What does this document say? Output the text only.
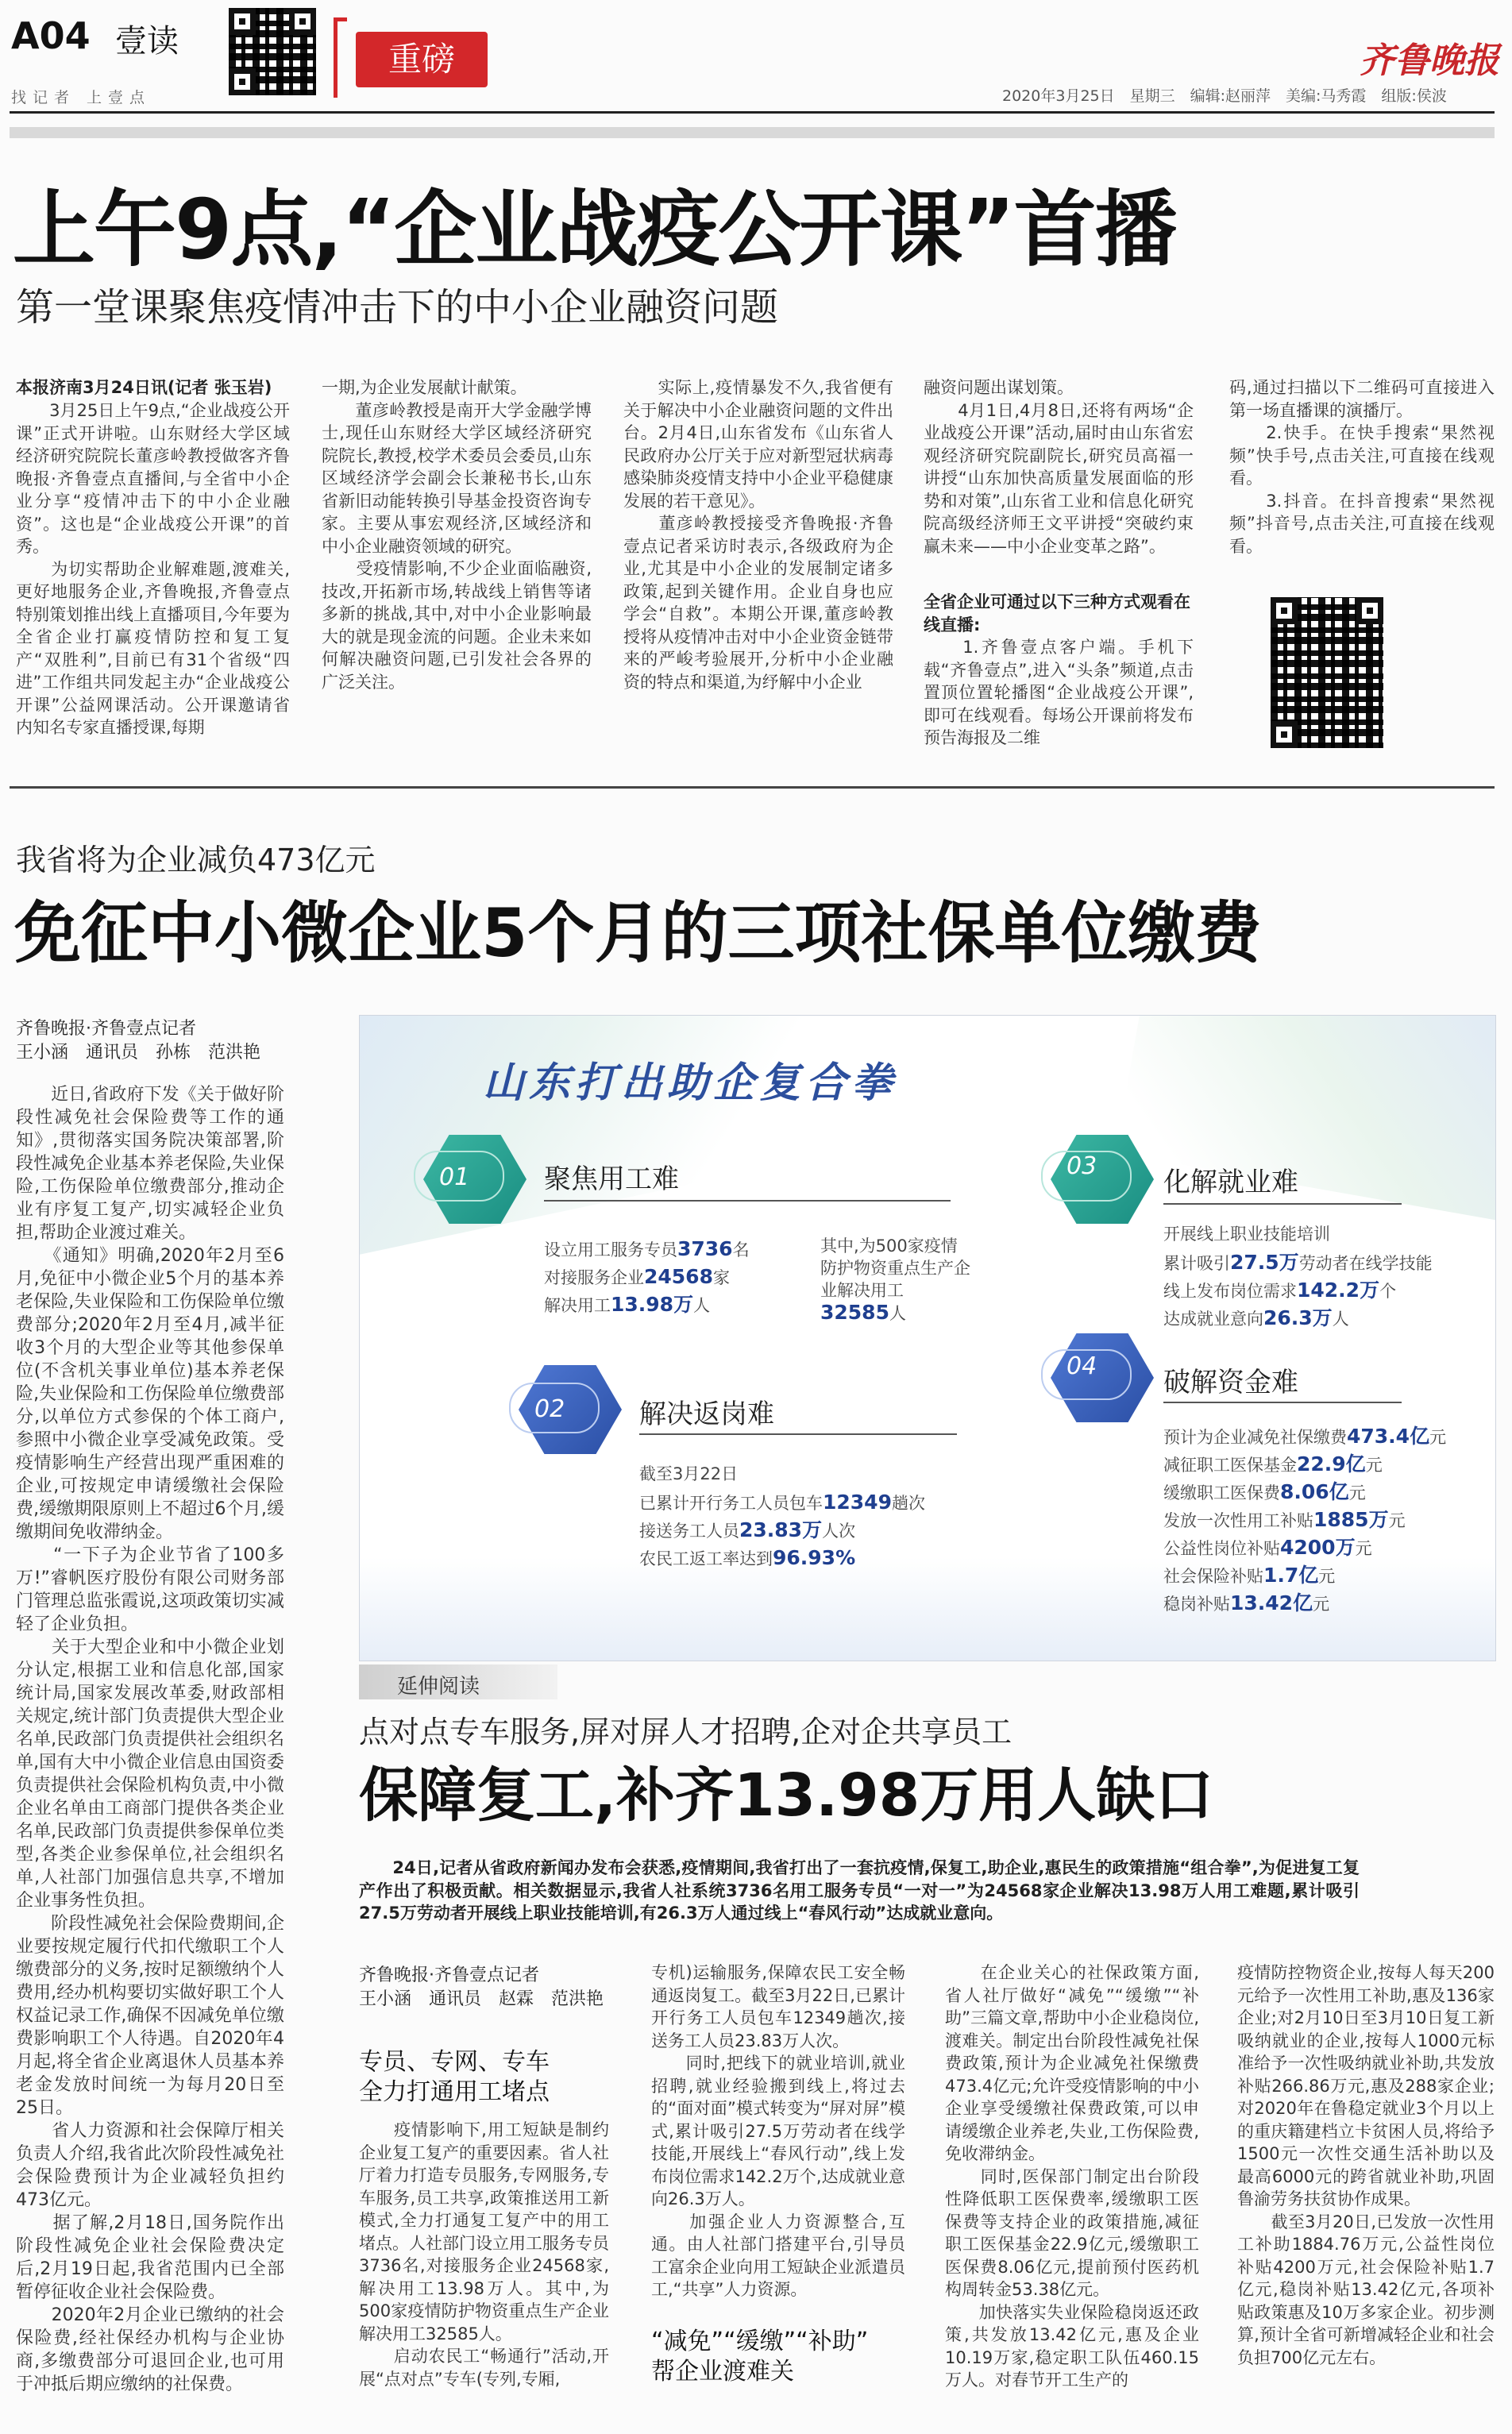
A04 壹读
找记者 上壹点
重磅	齐鲁晚报
2020年3月25日　星期三　编辑:赵丽萍　美编:马秀霞　组版:侯波
上午9点,“企业战疫公开课”首播
第一堂课聚焦疫情冲击下的中小企业融资问题
本报济南3月24日讯(记者 张玉岩)

　　3月25日上午9点,“企业战疫公开课”正式开讲啦。山东财经大学区域经济研究院院长董彦岭教授做客齐鲁晚报·齐鲁壹点直播间,与全省中小企业分享“疫情冲击下的中小企业融资”。这也是“企业战疫公开课”的首秀。
　　为切实帮助企业解难题,渡难关,更好地服务企业,齐鲁晚报,齐鲁壹点特别策划推出线上直播项目,今年要为全省企业打赢疫情防控和复工复产“双胜利”,目前已有31个省级“四进”工作组共同发起主办“企业战疫公开课”公益网课活动。公开课邀请省内知名专家直播授课,每期

一期,为企业发展献计献策。
　　董彦岭教授是南开大学金融学博士,现任山东财经大学区域经济研究院院长,教授,校学术委员会委员,山东区域经济学会副会长兼秘书长,山东省新旧动能转换引导基金投资咨询专家。主要从事宏观经济,区域经济和中小企业融资领域的研究。
　　受疫情影响,不少企业面临融资,技改,开拓新市场,转战线上销售等诸多新的挑战,其中,对中小企业影响最大的就是现金流的问题。企业未来如何解决融资问题,已引发社会各界的广泛关注。

　　实际上,疫情暴发不久,我省便有关于解决中小企业融资问题的文件出台。2月4日,山东省发布《山东省人民政府办公厅关于应对新型冠状病毒感染肺炎疫情支持中小企业平稳健康发展的若干意见》。
　　董彦岭教授接受齐鲁晚报·齐鲁壹点记者采访时表示,各级政府为企业,尤其是中小企业的发展制定诸多政策,起到关键作用。企业自身也应学会“自救”。本期公开课,董彦岭教授将从疫情冲击对中小企业资金链带来的严峻考验展开,分析中小企业融资的特点和渠道,为纾解中小企业

融资问题出谋划策。
　　4月1日,4月8日,还将有两场“企业战疫公开课”活动,届时由山东省宏观经济研究院副院长,研究员高福一讲授“山东加快高质量发展面临的形势和对策”,山东省工业和信息化研究院高级经济师王文平讲授“突破约束赢未来——中小企业变革之路”。

全省企业可通过以下三种方式观看在线直播:

　　1.齐鲁壹点客户端。手机下载“齐鲁壹点”,进入“头条”频道,点击置顶位置轮播图“企业战疫公开课”,即可在线观看。每场公开课前将发布预告海报及二维

码,通过扫描以下二维码可直接进入第一场直播课的演播厅。
　　2.快手。在快手搜索“果然视频”快手号,点击关注,可直接在线观看。
　　3.抖音。在抖音搜索“果然视频”抖音号,点击关注,可直接在线观看。

我省将为企业减负473亿元
免征中小微企业5个月的三项社保单位缴费
齐鲁晚报·齐鲁壹点记者
王小涵　通讯员　孙栋　范洪艳

　　近日,省政府下发《关于做好阶段性减免社会保险费等工作的通知》,贯彻落实国务院决策部署,阶段性减免企业基本养老保险,失业保险,工伤保险单位缴费部分,推动企业有序复工复产,切实减轻企业负担,帮助企业渡过难关。
　　《通知》明确,2020年2月至6月,免征中小微企业5个月的基本养老保险,失业保险和工伤保险单位缴费部分;2020年2月至4月,减半征收3个月的大型企业等其他参保单位(不含机关事业单位)基本养老保险,失业保险和工伤保险单位缴费部分,以单位方式参保的个体工商户,参照中小微企业享受减免政策。受疫情影响生产经营出现严重困难的企业,可按规定申请缓缴社会保险费,缓缴期限原则上不超过6个月,缓缴期间免收滞纳金。
　　“一下子为企业节省了100多万!”睿帆医疗股份有限公司财务部门管理总监张霞说,这项政策切实减轻了企业负担。
　　关于大型企业和中小微企业划分认定,根据工业和信息化部,国家统计局,国家发展改革委,财政部相关规定,统计部门负责提供大型企业名单,民政部门负责提供社会组织名单,国有大中小微企业信息由国资委负责提供社会保险机构负责,中小微企业名单由工商部门提供各类企业名单,民政部门负责提供参保单位类型,各类企业参保单位,社会组织名单,人社部门加强信息共享,不增加企业事务性负担。
　　阶段性减免社会保险费期间,企业要按规定履行代扣代缴职工个人缴费部分的义务,按时足额缴纳个人费用,经办机构要切实做好职工个人权益记录工作,确保不因减免单位缴费影响职工个人待遇。自2020年4月起,将全省企业离退休人员基本养老金发放时间统一为每月20日至25日。
　　省人力资源和社会保障厅相关负责人介绍,我省此次阶段性减免社会保险费预计为企业减轻负担约473亿元。
　　据了解,2月18日,国务院作出阶段性减免企业社会保险费决定后,2月19日起,我省范围内已全部暂停征收企业社会保险费。
　　2020年2月企业已缴纳的社会保险费,经社保经办机构与企业协商,多缴费部分可退回企业,也可用于冲抵后期应缴纳的社保费。

山东打出助企复合拳
01	聚焦用工难
设立用工服务专员3736名
对接服务企业24568家
解决用工13.98万人
其中,为500家疫情防护物资重点生产企业解决用工32585人
02	解决返岗难
截至3月22日
已累计开行务工人员包车12349趟次
接送务工人员23.83万人次
农民工返工率达到96.93%
03
化解就业难
开展线上职业技能培训
累计吸引27.5万劳动者在线学技能
线上发布岗位需求142.2万个
达成就业意向26.3万人
04
破解资金难
预计为企业减免社保缴费473.4亿元
减征职工医保基金22.9亿元
缓缴职工医保费8.06亿元
发放一次性用工补贴1885万元
公益性岗位补贴4200万元
社会保险补贴1.7亿元
稳岗补贴13.42亿元
延伸阅读
点对点专车服务,屏对屏人才招聘,企对企共享员工
保障复工,补齐13.98万用人缺口

　　24日,记者从省政府新闻办发布会获悉,疫情期间,我省打出了一套抗疫情,保复工,助企业,惠民生的政策措施“组合拳”,为促进复工复产作出了积极贡献。相关数据显示,我省人社系统3736名用工服务专员“一对一”为24568家企业解决13.98万人用工难题,累计吸引27.5万劳动者开展线上职业技能培训,有26.3万人通过线上“春风行动”达成就业意向。

齐鲁晚报·齐鲁壹点记者
王小涵　通讯员　赵霖　范洪艳
专员、专网、专车
全力打通用工堵点

　　疫情影响下,用工短缺是制约企业复工复产的重要因素。省人社厅着力打造专员服务,专网服务,专车服务,员工共享,政策推送用工新模式,全力打通复工复产中的用工堵点。人社部门设立用工服务专员3736名,对接服务企业24568家,解决用工13.98万人。其中,为500家疫情防护物资重点生产企业解决用工32585人。
　　启动农民工“畅通行”活动,开展“点对点”专车(专列,专厢,

专机)运输服务,保障农民工安全畅通返岗复工。截至3月22日,已累计开行务工人员包车12349趟次,接送务工人员23.83万人次。
　　同时,把线下的就业培训,就业招聘,就业经验搬到线上,将过去的“面对面”模式转变为“屏对屏”模式,累计吸引27.5万劳动者在线学技能,开展线上“春风行动”,线上发布岗位需求142.2万个,达成就业意向26.3万人。
　　加强企业人力资源整合,互通。由人社部门搭建平台,引导员工富余企业向用工短缺企业派遣员工,“共享”人力资源。

“减免”“缓缴”“补助”
帮企业渡难关

　　在企业关心的社保政策方面,省人社厅做好“减免”“缓缴”“补助”三篇文章,帮助中小企业稳岗位,渡难关。制定出台阶段性减免社保费政策,预计为企业减免社保缴费473.4亿元;允许受疫情影响的中小企业享受缓缴社保费政策,可以申请缓缴企业养老,失业,工伤保险费,免收滞纳金。
　　同时,医保部门制定出台阶段性降低职工医保费率,缓缴职工医保费等支持企业的政策措施,减征职工医保基金22.9亿元,缓缴职工医保费8.06亿元,提前预付医药机构周转金53.38亿元。
　　加快落实失业保险稳岗返还政策,共发放13.42亿元,惠及企业10.19万家,稳定职工队伍460.15万人。对春节开工生产的

疫情防控物资企业,按每人每天200元给予一次性用工补助,惠及136家企业;对2月10日至3月10日复工新吸纳就业的企业,按每人1000元标准给予一次性吸纳就业补助,共发放补贴266.86万元,惠及288家企业;对2020年在鲁稳定就业3个月以上的重庆籍建档立卡贫困人员,将给予1500元一次性交通生活补助以及最高6000元的跨省就业补助,巩固鲁渝劳务扶贫协作成果。
　　截至3月20日,已发放一次性用工补助1884.76万元,公益性岗位补贴4200万元,社会保险补贴1.7亿元,稳岗补贴13.42亿元,各项补贴政策惠及10万多家企业。初步测算,预计全省可新增减轻企业和社会负担700亿元左右。
